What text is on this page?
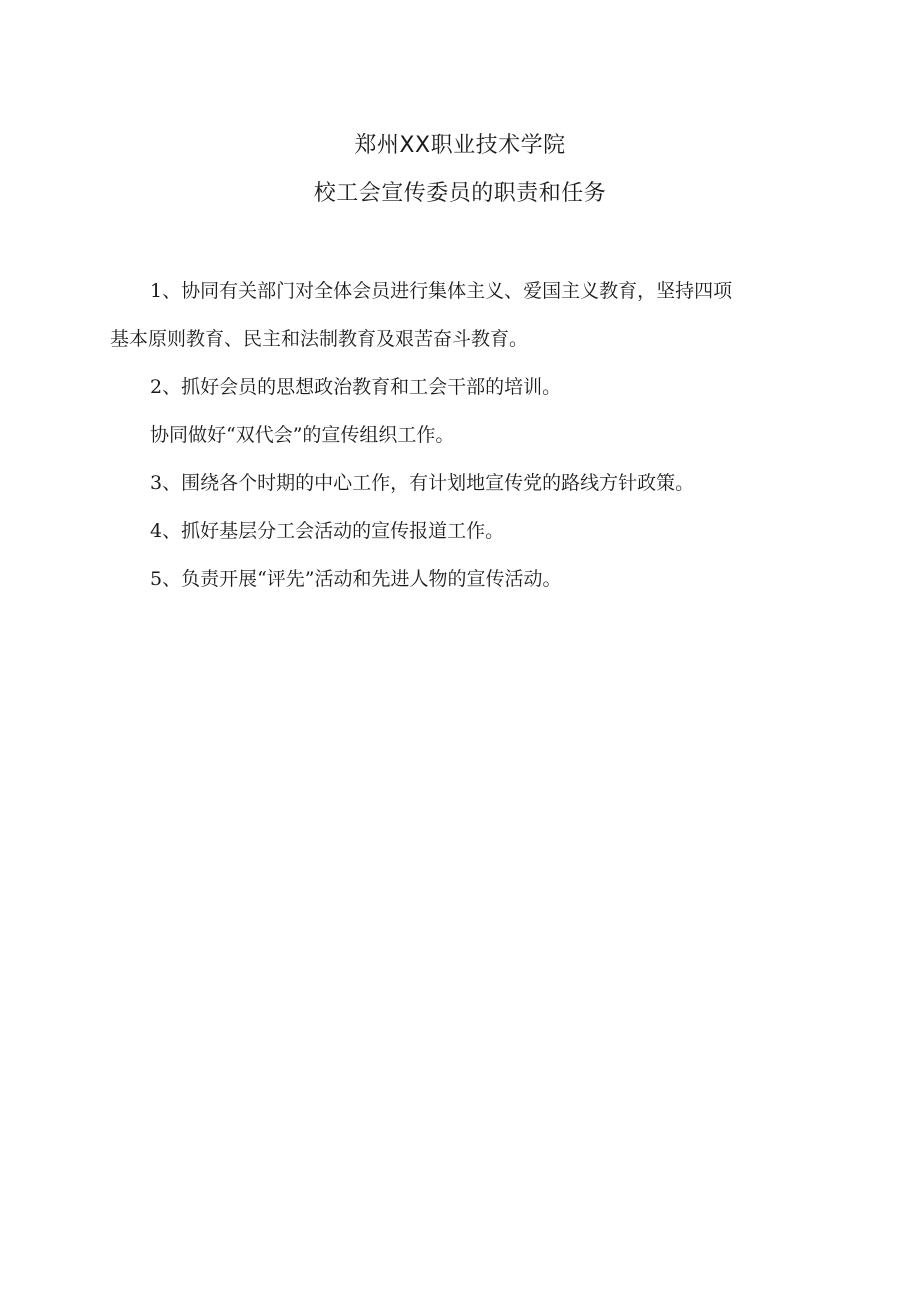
郑州XX职业技术学院
校工会宣传委员的职责和任务
1、协同有关部门对全体会员进行集体主义、爱国主义教育，坚持四项
基本原则教育、民主和法制教育及艰苦奋斗教育。
2、抓好会员的思想政治教育和工会干部的培训。
协同做好“双代会”的宣传组织工作。
3、围绕各个时期的中心工作，有计划地宣传党的路线方针政策。
4、抓好基层分工会活动的宣传报道工作。
5、负责开展“评先”活动和先进人物的宣传活动。
